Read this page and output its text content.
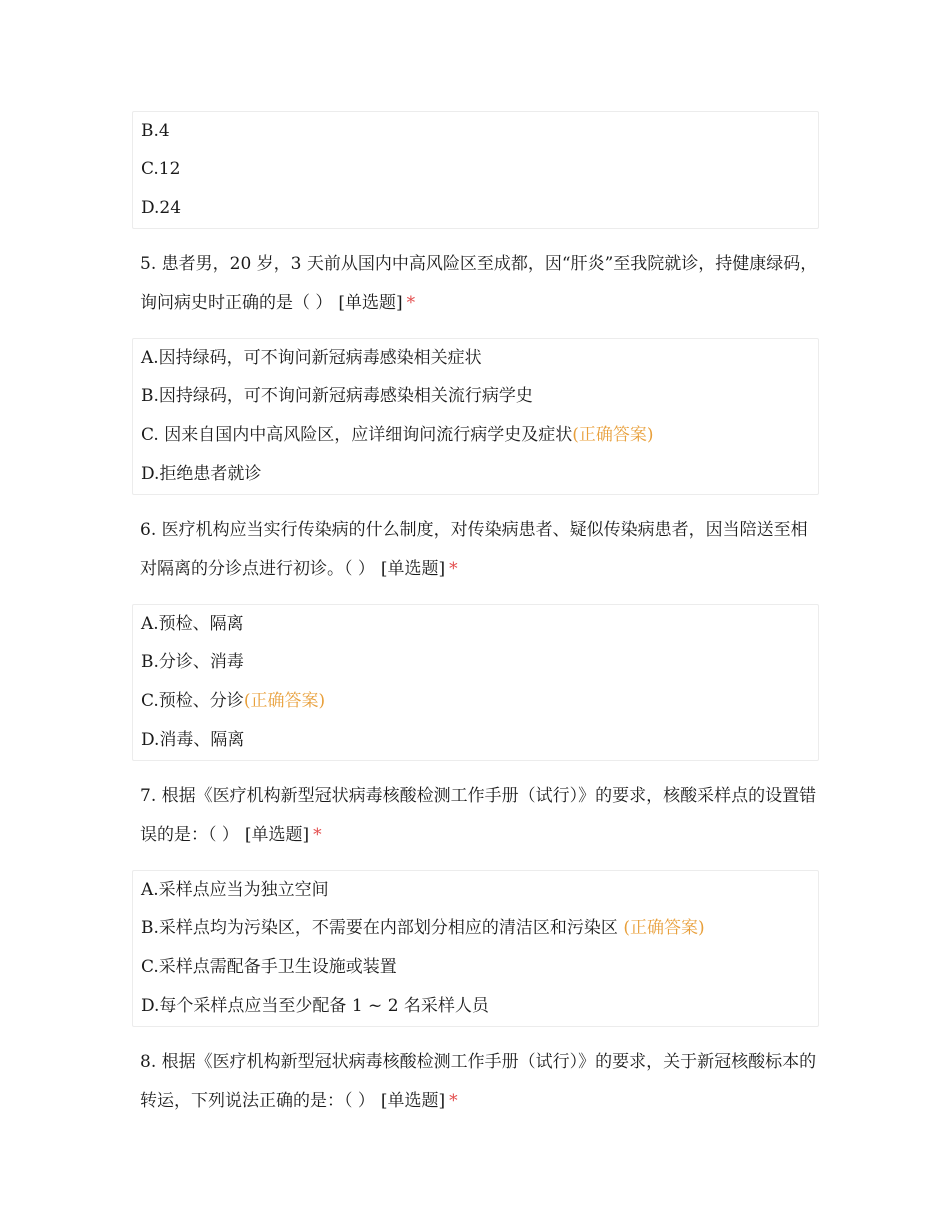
B.4
C.12
D.24
5. 患者男，20 岁，3 天前从国内中高风险区至成都，因“肝炎”至我院就诊，持健康绿码，询问病史时正确的是（ ） [单选题] *
A.因持绿码，可不询问新冠病毒感染相关症状
B.因持绿码，可不询问新冠病毒感染相关流行病学史
C. 因来自国内中高风险区，应详细询问流行病学史及症状(正确答案)
D.拒绝患者就诊
6. 医疗机构应当实行传染病的什么制度，对传染病患者、疑似传染病患者，因当陪送至相对隔离的分诊点进行初诊。（ ） [单选题] *
A.预检、隔离
B.分诊、消毒
C.预检、分诊(正确答案)
D.消毒、隔离
7. 根据《医疗机构新型冠状病毒核酸检测工作手册（试行）》的要求，核酸采样点的设置错误的是：（ ） [单选题] *
A.采样点应当为独立空间
B.采样点均为污染区，不需要在内部划分相应的清洁区和污染区 (正确答案)
C.采样点需配备手卫生设施或装置
D.每个采样点应当至少配备 1 ~ 2 名采样人员
8. 根据《医疗机构新型冠状病毒核酸检测工作手册（试行）》的要求，关于新冠核酸标本的转运，下列说法正确的是：（ ） [单选题] *
